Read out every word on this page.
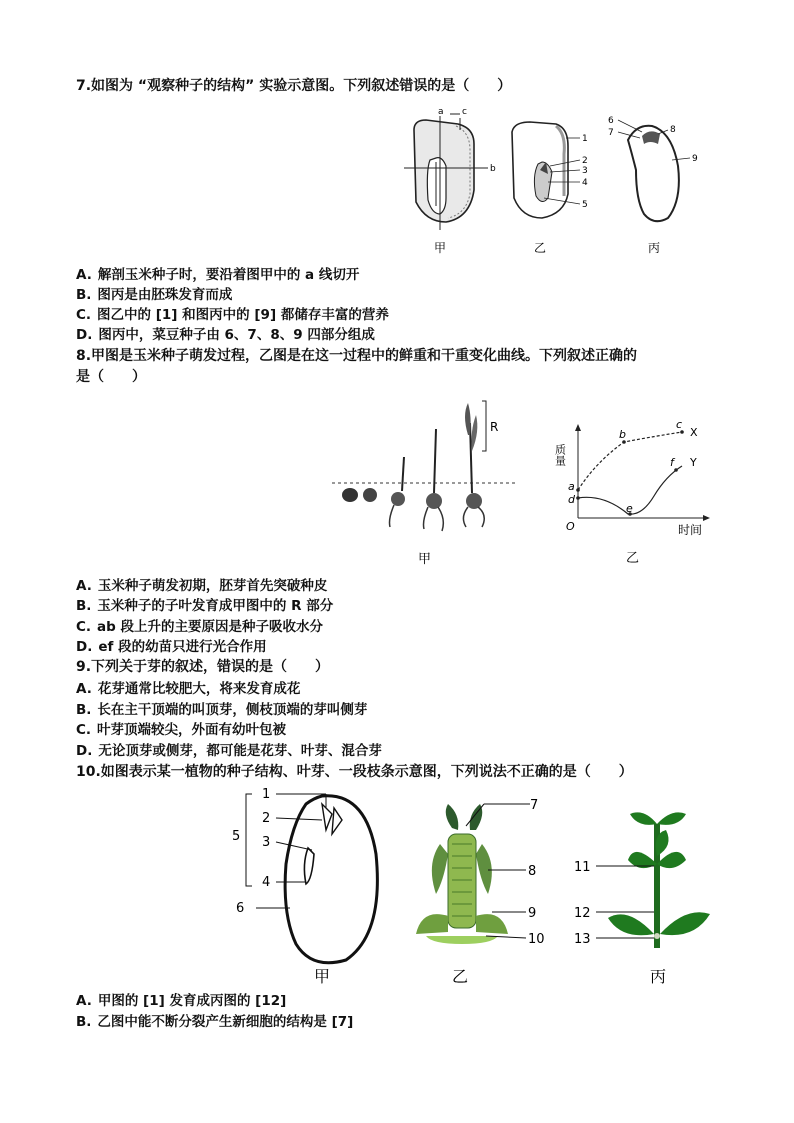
7.如图为 “观察种子的结构” 实验示意图。下列叙述错误的是（　　）
a c
b
甲
1
2
3
4
5
乙
6
7	8
9
丙
A. 解剖玉米种子时，要沿着图甲中的 a 线切开
B. 图丙是由胚珠发育而成
C. 图乙中的 [1] 和图丙中的 [9] 都储存丰富的营养
D. 图丙中，菜豆种子由 6、7、8、9 四部分组成
8.甲图是玉米种子萌发过程，乙图是在这一过程中的鲜重和干重变化曲线。下列叙述正确的
是（　　）
R
甲
质量
时间
O
a
b
c
d
e
f
X
Y
乙
A. 玉米种子萌发初期，胚芽首先突破种皮
B. 玉米种子的子叶发育成甲图中的 R 部分
C. ab 段上升的主要原因是种子吸收水分
D. ef 段的幼苗只进行光合作用
9.下列关于芽的叙述，错误的是（　　）
A. 花芽通常比较肥大，将来发育成花
B. 长在主干顶端的叫顶芽，侧枝顶端的芽叫侧芽
C. 叶芽顶端较尖，外面有幼叶包被
D. 无论顶芽或侧芽，都可能是花芽、叶芽、混合芽
10.如图表示某一植物的种子结构、叶芽、一段枝条示意图，下列说法不正确的是（　　）
1
2
3
4
5
6
甲
7
8
9
10
乙
11
12
13
丙
A. 甲图的 [1] 发育成丙图的 [12]
B. 乙图中能不断分裂产生新细胞的结构是 [7]
